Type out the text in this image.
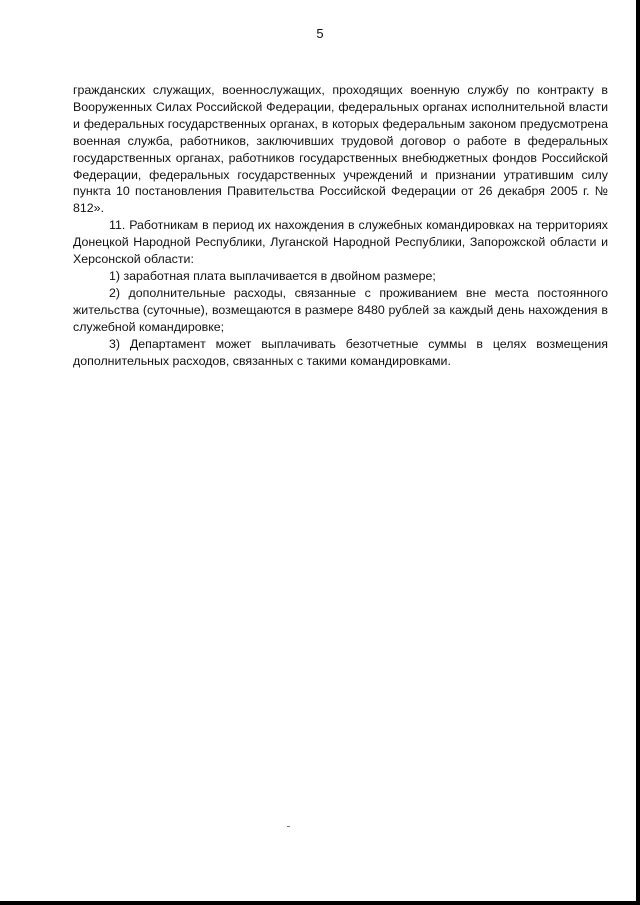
5

гражданских служащих, военнослужащих, проходящих военную службу по контракту в Вооруженных Силах Российской Федерации, федеральных органах исполнительной власти и федеральных государственных органах, в которых федеральным законом предусмотрена военная служба, работников, заключивших трудовой договор о работе в федеральных государственных органах, работников государственных внебюджетных фондов Российской Федерации, федеральных государственных учреждений и признании утратившим силу пункта 10 постановления Правительства Российской Федерации от 26 декабря 2005 г. № 812».

11. Работникам в период их нахождения в служебных командировках на территориях Донецкой Народной Республики, Луганской Народной Республики, Запорожской области и Херсонской области:

1) заработная плата выплачивается в двойном размере;

2) дополнительные расходы, связанные с проживанием вне места постоянного жительства (суточные), возмещаются в размере 8480 рублей за каждый день нахождения в служебной командировке;

3) Департамент может выплачивать безотчетные суммы в целях возмещения дополнительных расходов, связанных с такими командировками.
